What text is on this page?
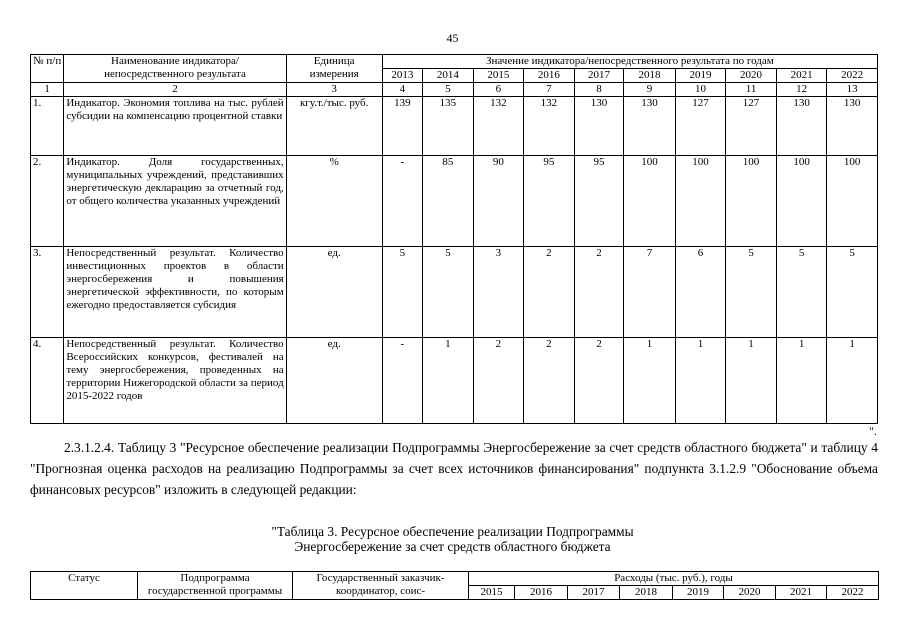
45
№ п/п	Наименование индикатора/ непосредственного результата	Единица измерения	Значение индикатора/непосредственного результата по годам									
			2013	2014	2015	2016	2017	2018	2019	2020	2021	2022
1	2	3	4	5	6	7	8	9	10	11	12	13
1.	Индикатор. Экономия топлива на тыс. рублей субсидии на компенсацию процентной ставки	кгу.т./тыс. руб.	139	135	132	132	130	130	127	127	130	130
2.	Индикатор. Доля государственных, муниципальных учреждений, представивших энергетическую декларацию за отчетный год, от общего количества указанных учреждений	%	-	85	90	95	95	100	100	100	100	100
3.	Непосредственный результат. Количество инвестиционных проектов в области энергосбережения и повышения энергетической эффективности, по которым ежегодно предоставляется субсидия	ед.	5	5	3	2	2	7	6	5	5	5
4.	Непосредственный результат. Количество Всероссийских конкурсов, фестивалей на тему энергосбережения, проведенных на территории Нижегородской области за период 2015-2022 годов	ед.	-	1	2	2	2	1	1	1	1	1
".

2.3.1.2.4. Таблицу 3 "Ресурсное обеспечение реализации Подпрограммы Энергосбережение за счет средств областного бюджета" и таблицу 4 "Прогнозная оценка расходов на реализацию Подпрограммы за счет всех источников финансирования" подпункта 3.1.2.9 "Обоснование объема финансовых ресурсов" изложить в следующей редакции:

"Таблица 3. Ресурсное обеспечение реализации Подпрограммы
Энергосбережение за счет средств областного бюджета
Статус	Подпрограмма государственной программы	Государственный заказчик-координатор, соис-	Расходы (тыс. руб.), годы							
			2015	2016	2017	2018	2019	2020	2021	2022
